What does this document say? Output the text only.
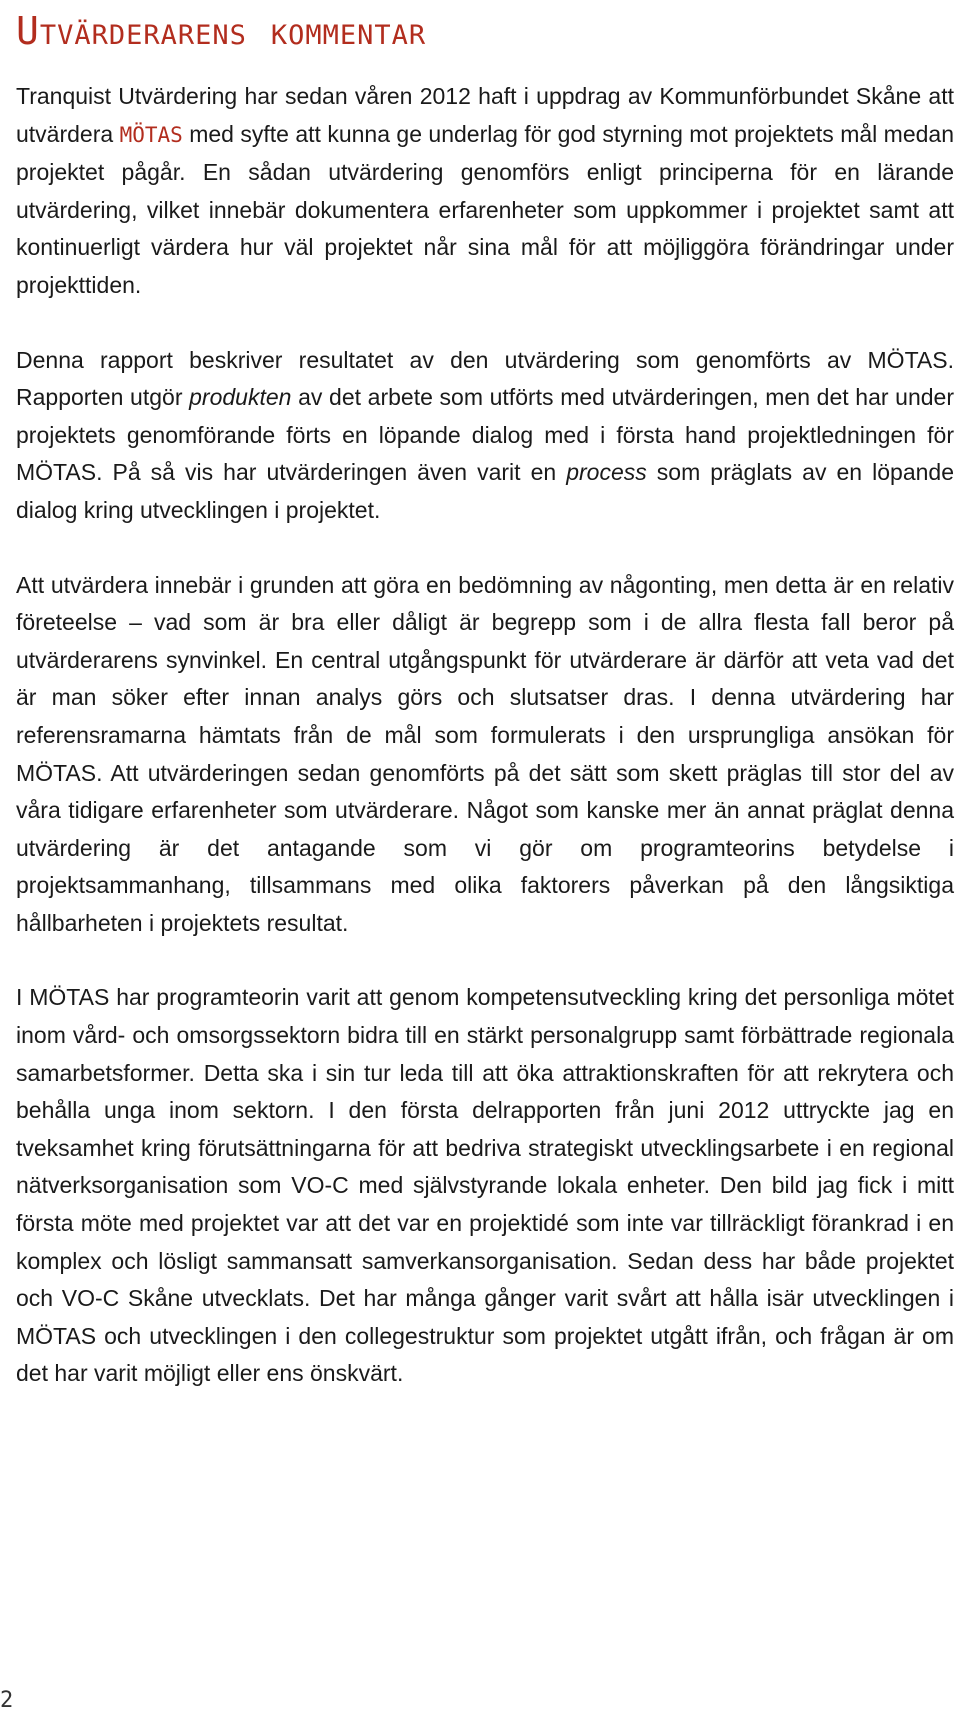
Utvärderarens kommentar

Tranquist Utvärdering har sedan våren 2012 haft i uppdrag av Kommunförbundet Skåne att utvärdera MÖTAS med syfte att kunna ge underlag för god styrning mot projektets mål medan projektet pågår. En sådan utvärdering genomförs enligt principerna för en lärande utvärdering, vilket innebär dokumentera erfarenheter som uppkommer i projektet samt att kontinuerligt värdera hur väl projektet når sina mål för att möjliggöra förändringar under projekttiden.

Denna rapport beskriver resultatet av den utvärdering som genomförts av MÖTAS. Rapporten utgör produkten av det arbete som utförts med utvärderingen, men det har under projektets genomförande förts en löpande dialog med i första hand projektledningen för MÖTAS. På så vis har utvärderingen även varit en process som präglats av en löpande dialog kring utvecklingen i projektet.

Att utvärdera innebär i grunden att göra en bedömning av någonting, men detta är en relativ företeelse – vad som är bra eller dåligt är begrepp som i de allra flesta fall beror på utvärderarens synvinkel. En central utgångspunkt för utvärderare är därför att veta vad det är man söker efter innan analys görs och slutsatser dras. I denna utvärdering har referensramarna hämtats från de mål som formulerats i den ursprungliga ansökan för MÖTAS. Att utvärderingen sedan genomförts på det sätt som skett präglas till stor del av våra tidigare erfarenheter som utvärderare. Något som kanske mer än annat präglat denna utvärdering är det antagande som vi gör om programteorins betydelse i projektsammanhang, tillsammans med olika faktorers påverkan på den långsiktiga hållbarheten i projektets resultat.

I MÖTAS har programteorin varit att genom kompetensutveckling kring det personliga mötet inom vård- och omsorgssektorn bidra till en stärkt personalgrupp samt förbättrade regionala samarbetsformer. Detta ska i sin tur leda till att öka attraktionskraften för att rekrytera och behålla unga inom sektorn. I den första delrapporten från juni 2012 uttryckte jag en tveksamhet kring förutsättningarna för att bedriva strategiskt utvecklingsarbete i en regional nätverksorganisation som VO-C med självstyrande lokala enheter. Den bild jag fick i mitt första möte med projektet var att det var en projektidé som inte var tillräckligt förankrad i en komplex och lösligt sammansatt samverkansorganisation. Sedan dess har både projektet och VO-C Skåne utvecklats. Det har många gånger varit svårt att hålla isär utvecklingen i MÖTAS och utvecklingen i den collegestruktur som projektet utgått ifrån, och frågan är om det har varit möjligt eller ens önskvärt.

2
